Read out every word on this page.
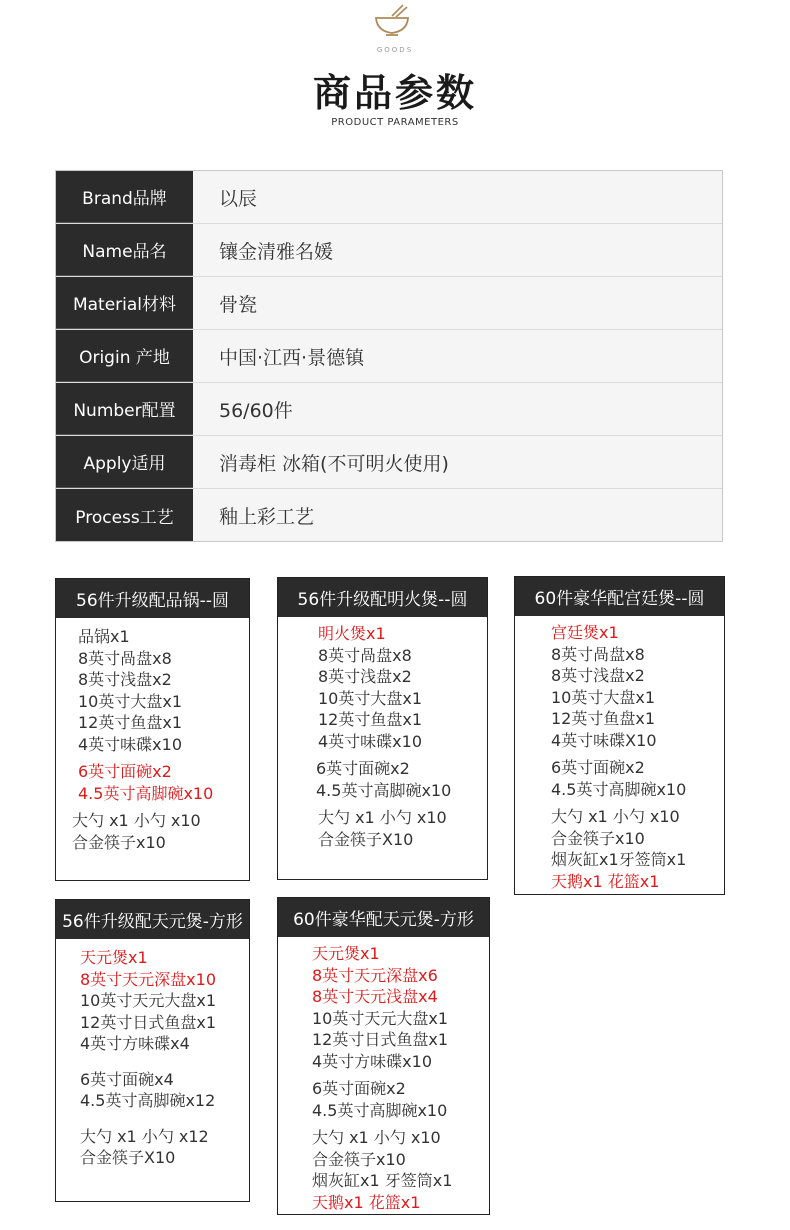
GOODS
商品参数
PRODUCT PARAMETERS
Brand品牌	以辰
Name品名	镶金清雅名媛
Material材料	骨瓷
Origin 产地	中国·江西·景德镇
Number配置	56/60件
Apply适用	消毒柜 冰箱(不可明火使用)
Process工艺	釉上彩工艺
56件升级配品锅--圆
品锅x1
8英寸咼盘x8
8英寸浅盘x2
10英寸大盘x1
12英寸鱼盘x1
4英寸味碟x10
6英寸面碗x2
4.5英寸高脚碗x10
大勺 x1 小勺 x10
合金筷子x10
56件升级配明火煲--圆
明火煲x1
8英寸咼盘x8
8英寸浅盘x2
10英寸大盘x1
12英寸鱼盘x1
4英寸味碟x10
6英寸面碗x2
4.5英寸高脚碗x10
大勺 x1 小勺 x10
合金筷子X10
60件豪华配宫廷煲--圆
宫廷煲x1
8英寸咼盘x8
8英寸浅盘x2
10英寸大盘x1
12英寸鱼盘x1
4英寸味碟X10
6英寸面碗x2
4.5英寸高脚碗x10
大勺 x1 小勺 x10
合金筷子x10
烟灰缸x1牙签筒x1
天鹅x1 花篮x1
56件升级配天元煲-方形
天元煲x1
8英寸天元深盘x10
10英寸天元大盘x1
12英寸日式鱼盘x1
4英寸方味碟x4
6英寸面碗x4
4.5英寸高脚碗x12
大勺 x1 小勺 x12
合金筷子X10
60件豪华配天元煲-方形
天元煲x1
8英寸天元深盘x6
8英寸天元浅盘x4
10英寸天元大盘x1
12英寸日式鱼盘x1
4英寸方味碟x10
6英寸面碗x2
4.5英寸高脚碗x10
大勺 x1 小勺 x10
合金筷子x10
烟灰缸x1 牙签筒x1
天鹅x1 花篮x1
